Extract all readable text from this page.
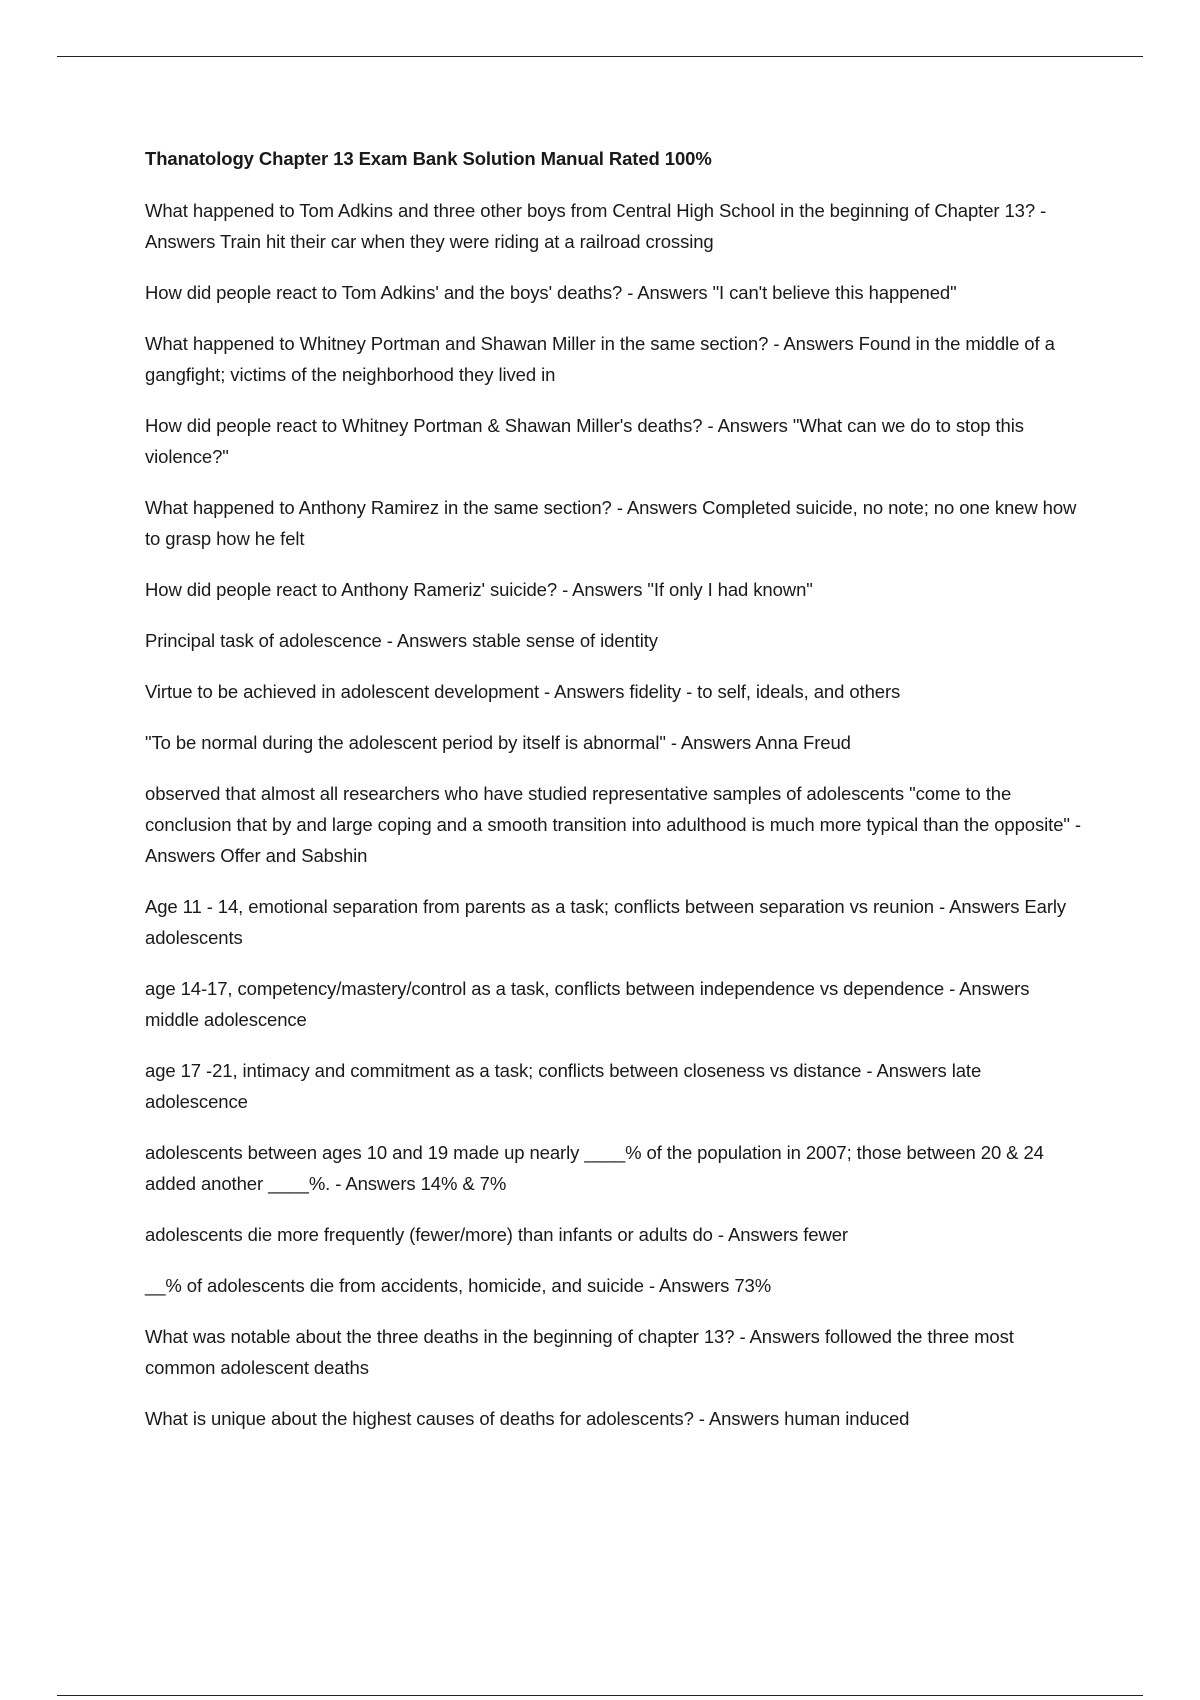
Thanatology Chapter 13 Exam Bank Solution Manual Rated 100%
What happened to Tom Adkins and three other boys from Central High School in the beginning of Chapter 13? - Answers Train hit their car when they were riding at a railroad crossing
How did people react to Tom Adkins' and the boys' deaths? - Answers "I can't believe this happened"
What happened to Whitney Portman and Shawan Miller in the same section? - Answers Found in the middle of a gangfight; victims of the neighborhood they lived in
How did people react to Whitney Portman & Shawan Miller's deaths? - Answers "What can we do to stop this violence?"
What happened to Anthony Ramirez in the same section? - Answers Completed suicide, no note; no one knew how to grasp how he felt
How did people react to Anthony Rameriz' suicide? - Answers "If only I had known"
Principal task of adolescence - Answers stable sense of identity
Virtue to be achieved in adolescent development - Answers fidelity - to self, ideals, and others
"To be normal during the adolescent period by itself is abnormal" - Answers Anna Freud
observed that almost all researchers who have studied representative samples of adolescents "come to the conclusion that by and large coping and a smooth transition into adulthood is much more typical than the opposite" - Answers Offer and Sabshin
Age 11 - 14, emotional separation from parents as a task; conflicts between separation vs reunion - Answers Early adolescents
age 14-17, competency/mastery/control as a task, conflicts between independence vs dependence - Answers middle adolescence
age 17 -21, intimacy and commitment as a task; conflicts between closeness vs distance - Answers late adolescence
adolescents between ages 10 and 19 made up nearly ____% of the population in 2007; those between 20 & 24 added another ____%. - Answers 14% & 7%
adolescents die more frequently (fewer/more) than infants or adults do - Answers fewer
__% of adolescents die from accidents, homicide, and suicide - Answers 73%
What was notable about the three deaths in the beginning of chapter 13? - Answers followed the three most common adolescent deaths
What is unique about the highest causes of deaths for adolescents? - Answers human induced
